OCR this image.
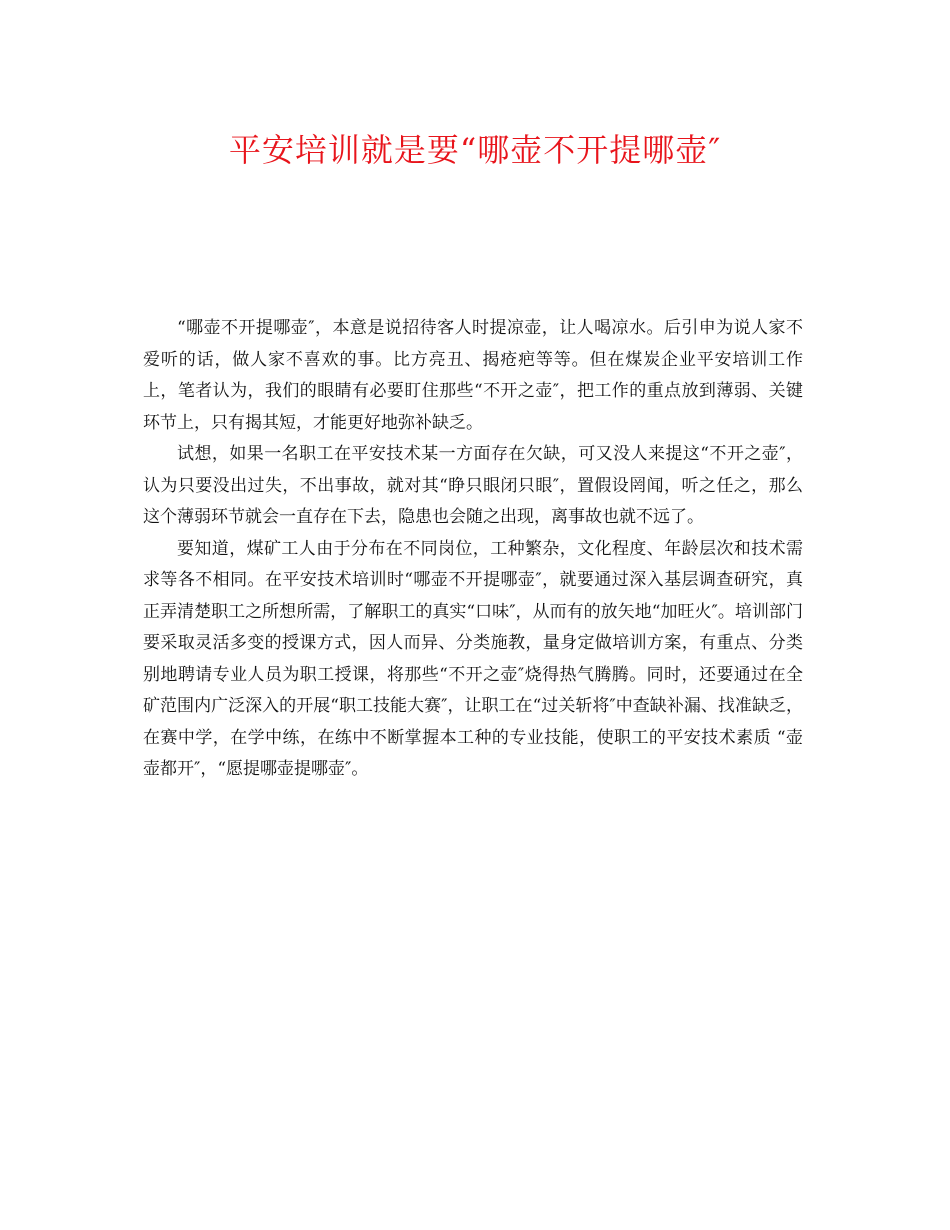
平安培训就是要“哪壶不开提哪壶″

“哪壶不开提哪壶″，本意是说招待客人时提凉壶，让人喝凉水。后引申为说人家不爱听的话，做人家不喜欢的事。比方亮丑、揭疮疤等等。但在煤炭企业平安培训工作上，笔者认为，我们的眼睛有必要盯住那些“不开之壶″，把工作的重点放到薄弱、关键环节上，只有揭其短，才能更好地弥补缺乏。

试想，如果一名职工在平安技术某一方面存在欠缺，可又没人来提这“不开之壶″，认为只要没出过失，不出事故，就对其“睁只眼闭只眼″，置假设罔闻，听之任之，那么这个薄弱环节就会一直存在下去，隐患也会随之出现，离事故也就不远了。

要知道，煤矿工人由于分布在不同岗位，工种繁杂，文化程度、年龄层次和技术需求等各不相同。在平安技术培训时“哪壶不开提哪壶″，就要通过深入基层调查研究，真正弄清楚职工之所想所需，了解职工的真实“口味″，从而有的放矢地“加旺火″。培训部门要采取灵活多变的授课方式，因人而异、分类施教，量身定做培训方案，有重点、分类别地聘请专业人员为职工授课，将那些“不开之壶″烧得热气腾腾。同时，还要通过在全矿范围内广泛深入的开展“职工技能大赛″，让职工在“过关斩将″中查缺补漏、找准缺乏，在赛中学，在学中练，在练中不断掌握本工种的专业技能，使职工的平安技术素质 “壶壶都开″，“愿提哪壶提哪壶″。
